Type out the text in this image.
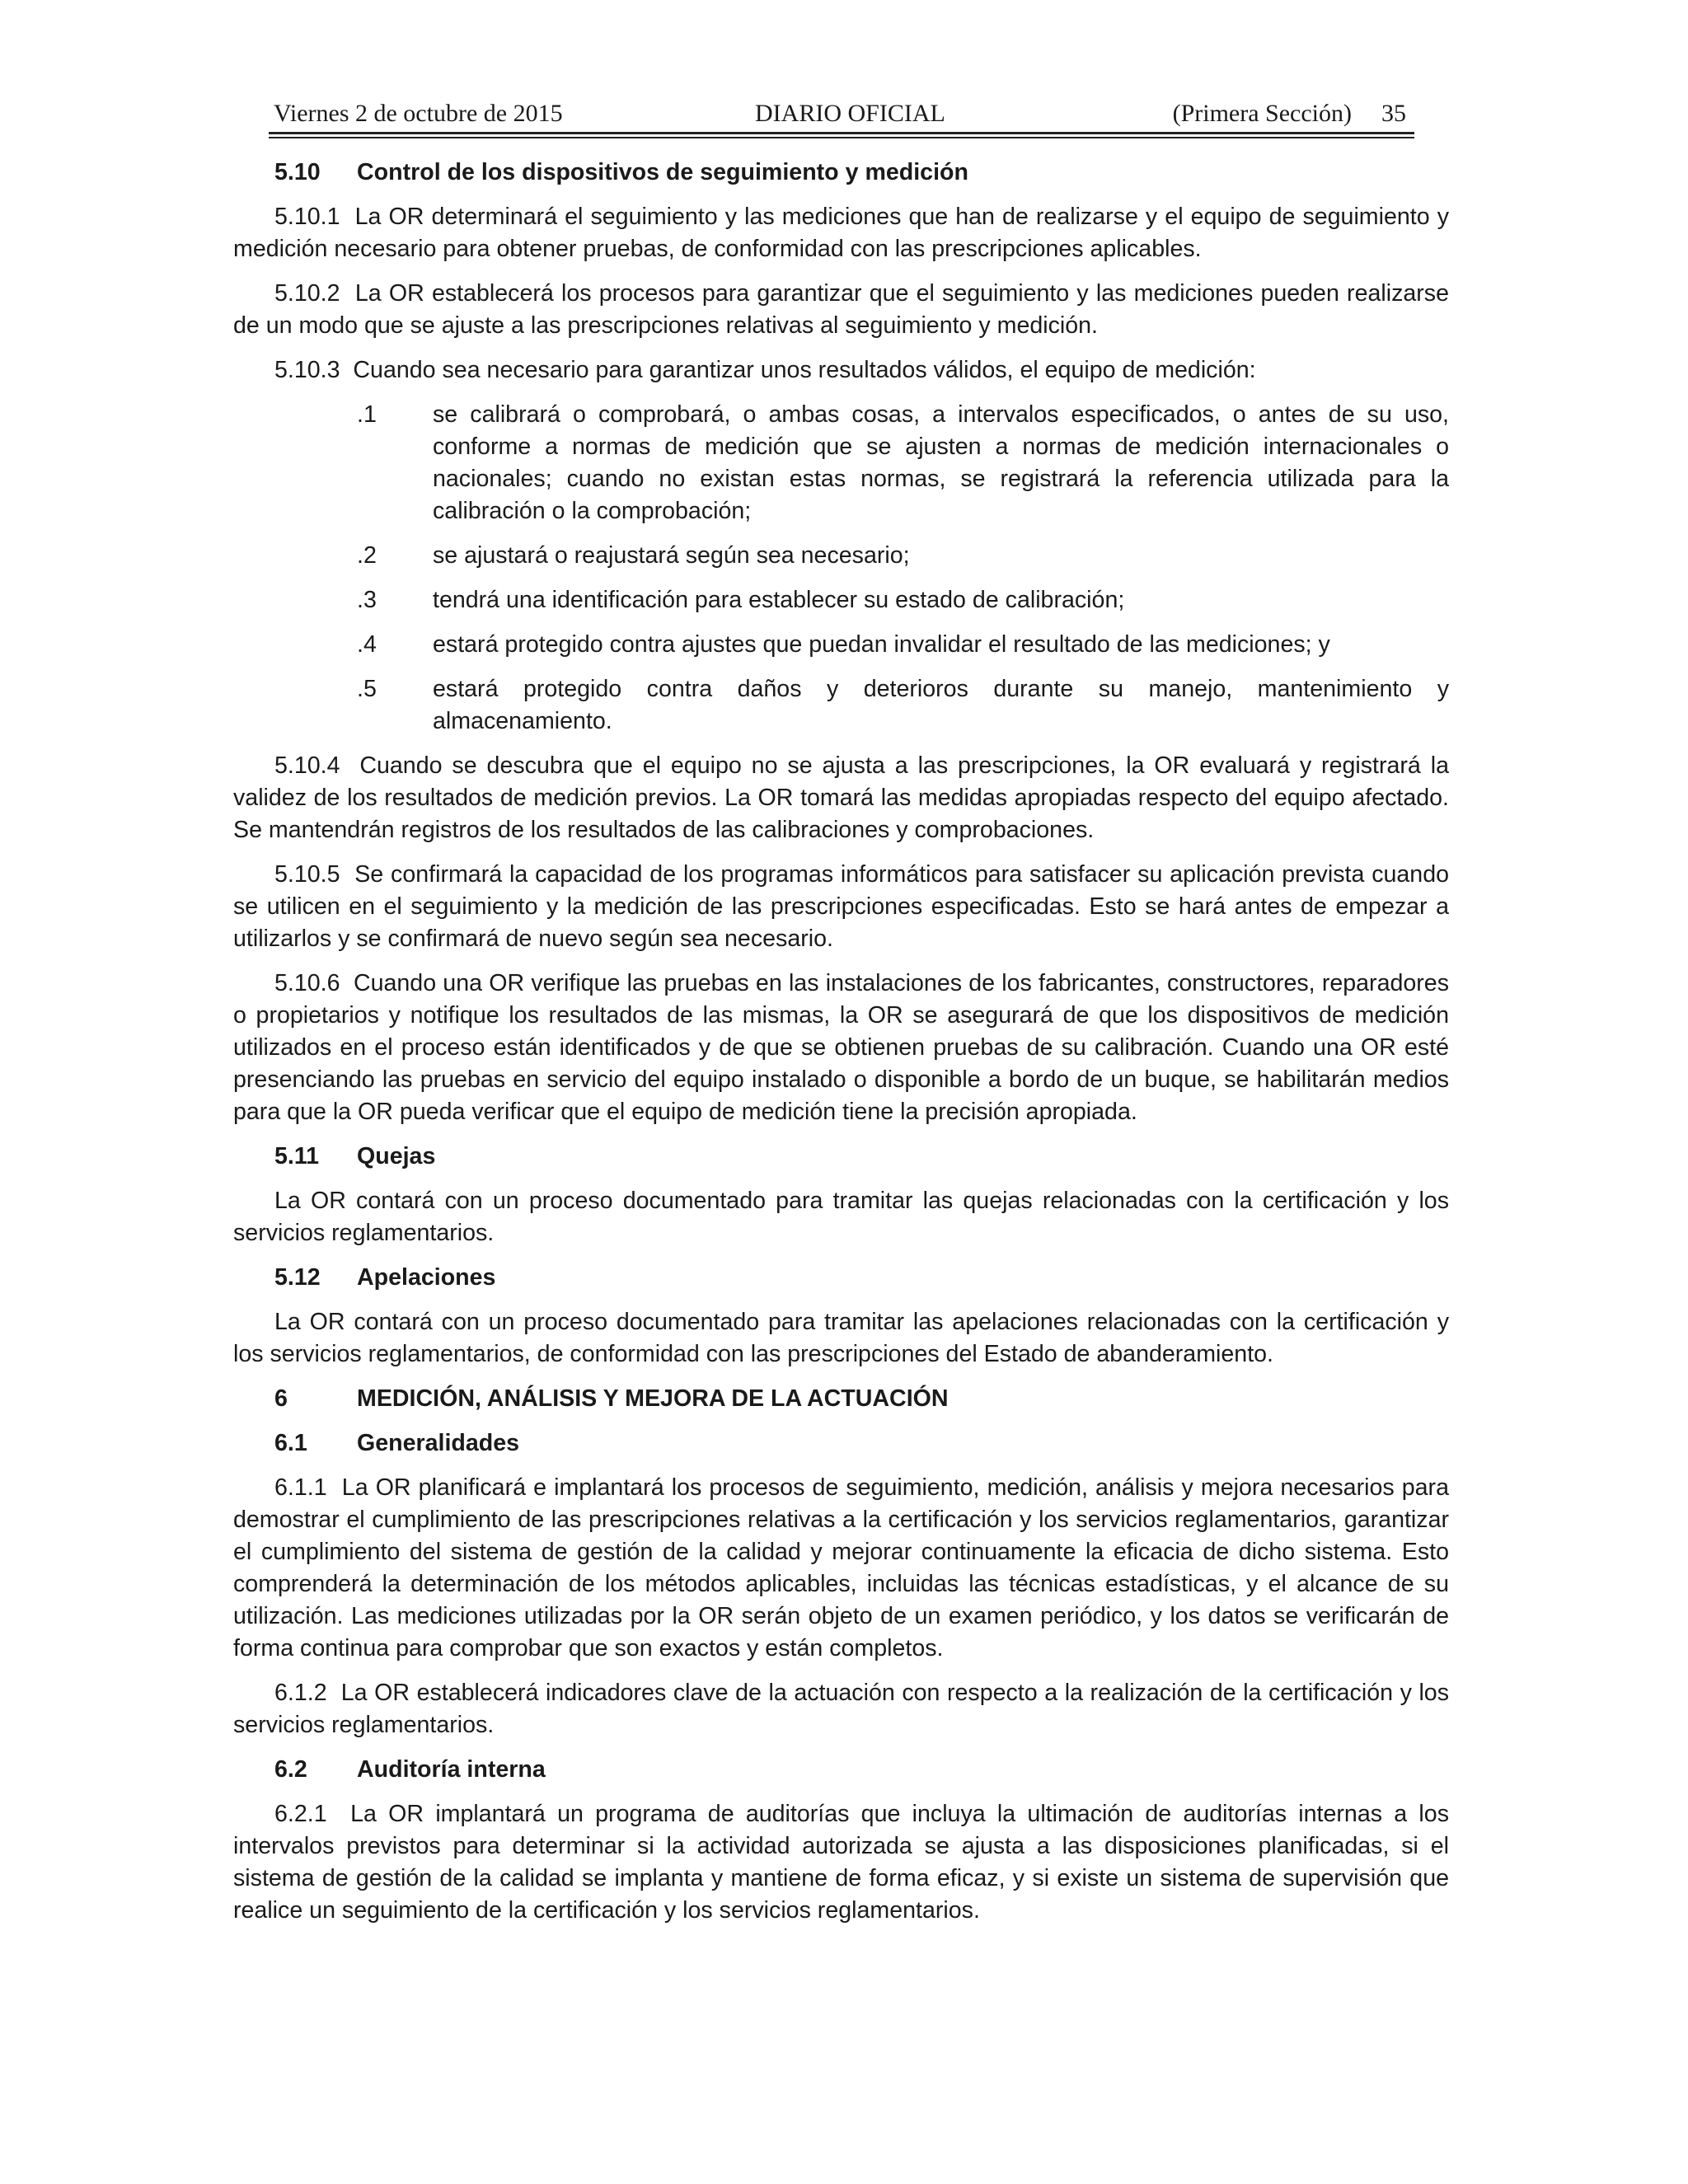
Viernes 2 de octubre de 2015	DIARIO OFICIAL	(Primera Sección) 35
5.10 Control de los dispositivos de seguimiento y medición

5.10.1 La OR determinará el seguimiento y las mediciones que han de realizarse y el equipo de seguimiento y medición necesario para obtener pruebas, de conformidad con las prescripciones aplicables.

5.10.2 La OR establecerá los procesos para garantizar que el seguimiento y las mediciones pueden realizarse de un modo que se ajuste a las prescripciones relativas al seguimiento y medición.

5.10.3 Cuando sea necesario para garantizar unos resultados válidos, el equipo de medición:

.1 se calibrará o comprobará, o ambas cosas, a intervalos especificados, o antes de su uso, conforme a normas de medición que se ajusten a normas de medición internacionales o nacionales; cuando no existan estas normas, se registrará la referencia utilizada para la calibración o la comprobación;
.2 se ajustará o reajustará según sea necesario;
.3 tendrá una identificación para establecer su estado de calibración;
.4 estará protegido contra ajustes que puedan invalidar el resultado de las mediciones; y
.5 estará protegido contra daños y deterioros durante su manejo, mantenimiento y almacenamiento.

5.10.4 Cuando se descubra que el equipo no se ajusta a las prescripciones, la OR evaluará y registrará la validez de los resultados de medición previos. La OR tomará las medidas apropiadas respecto del equipo afectado. Se mantendrán registros de los resultados de las calibraciones y comprobaciones.

5.10.5 Se confirmará la capacidad de los programas informáticos para satisfacer su aplicación prevista cuando se utilicen en el seguimiento y la medición de las prescripciones especificadas. Esto se hará antes de empezar a utilizarlos y se confirmará de nuevo según sea necesario.

5.10.6 Cuando una OR verifique las pruebas en las instalaciones de los fabricantes, constructores, reparadores o propietarios y notifique los resultados de las mismas, la OR se asegurará de que los dispositivos de medición utilizados en el proceso están identificados y de que se obtienen pruebas de su calibración. Cuando una OR esté presenciando las pruebas en servicio del equipo instalado o disponible a bordo de un buque, se habilitarán medios para que la OR pueda verificar que el equipo de medición tiene la precisión apropiada.

5.11 Quejas

La OR contará con un proceso documentado para tramitar las quejas relacionadas con la certificación y los servicios reglamentarios.

5.12 Apelaciones

La OR contará con un proceso documentado para tramitar las apelaciones relacionadas con la certificación y los servicios reglamentarios, de conformidad con las prescripciones del Estado de abanderamiento.

6	MEDICIÓN, ANÁLISIS Y MEJORA DE LA ACTUACIÓN
6.1 Generalidades

6.1.1 La OR planificará e implantará los procesos de seguimiento, medición, análisis y mejora necesarios para demostrar el cumplimiento de las prescripciones relativas a la certificación y los servicios reglamentarios, garantizar el cumplimiento del sistema de gestión de la calidad y mejorar continuamente la eficacia de dicho sistema. Esto comprenderá la determinación de los métodos aplicables, incluidas las técnicas estadísticas, y el alcance de su utilización. Las mediciones utilizadas por la OR serán objeto de un examen periódico, y los datos se verificarán de forma continua para comprobar que son exactos y están completos.

6.1.2 La OR establecerá indicadores clave de la actuación con respecto a la realización de la certificación y los servicios reglamentarios.

6.2 Auditoría interna

6.2.1 La OR implantará un programa de auditorías que incluya la ultimación de auditorías internas a los intervalos previstos para determinar si la actividad autorizada se ajusta a las disposiciones planificadas, si el sistema de gestión de la calidad se implanta y mantiene de forma eficaz, y si existe un sistema de supervisión que realice un seguimiento de la certificación y los servicios reglamentarios.
